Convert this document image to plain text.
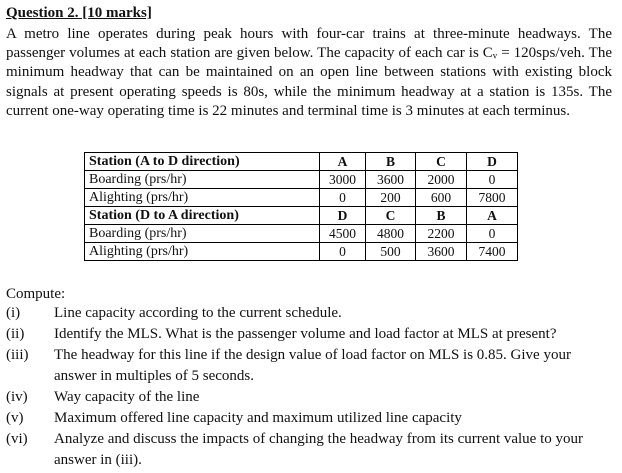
Question 2. [10 marks]

A metro line operates during peak hours with four-car trains at three-minute headways. The passenger volumes at each station are given below. The capacity of each car is Cᵥ = 120sps/veh. The minimum headway that can be maintained on an open line between stations with existing block signals at present operating speeds is 80s, while the minimum headway at a station is 135s. The current one-way operating time is 22 minutes and terminal time is 3 minutes at each terminus.

Station (A to D direction)	A	B	C	D
Boarding (prs/hr)	3000	3600	2000	0
Alighting (prs/hr)	0	200	600	7800
Station (D to A direction)	D	C	B	A
Boarding (prs/hr)	4500	4800	2200	0
Alighting (prs/hr)	0	500	3600	7400
Compute:
(i) Line capacity according to the current schedule.
(ii) Identify the MLS. What is the passenger volume and load factor at MLS at present?
(iii) The headway for this line if the design value of load factor on MLS is 0.85. Give your answer in multiples of 5 seconds.
(iv) Way capacity of the line
(v) Maximum offered line capacity and maximum utilized line capacity
(vi) Analyze and discuss the impacts of changing the headway from its current value to your answer in (iii).
